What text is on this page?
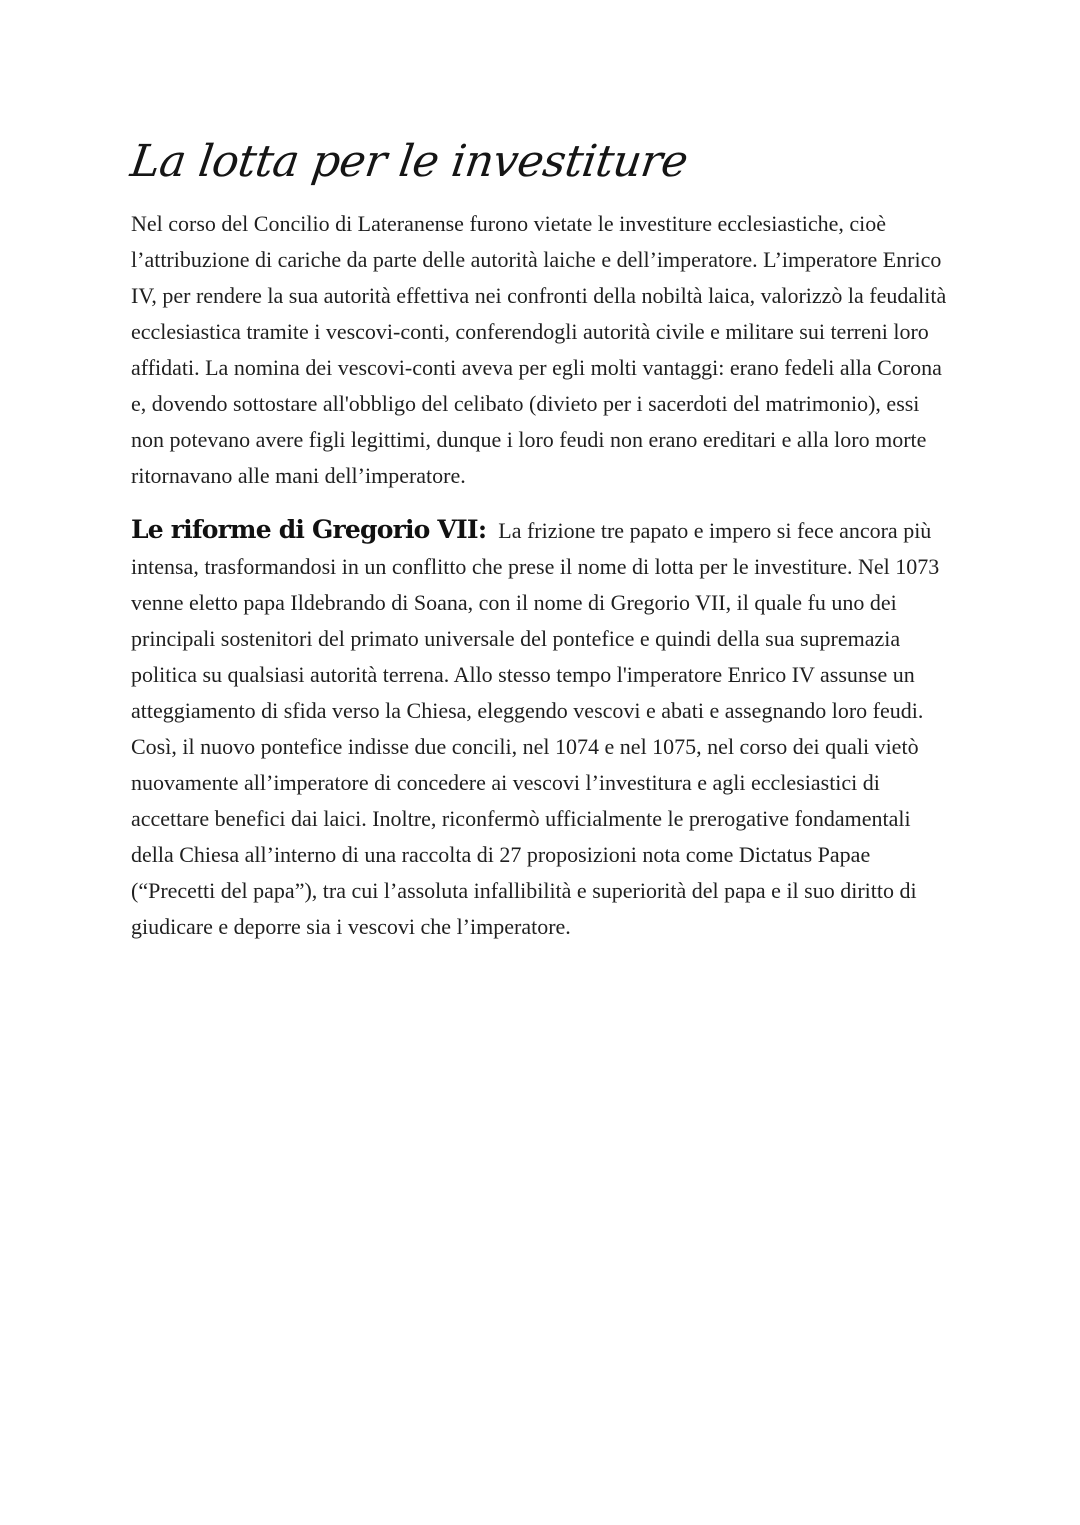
La lotta per le investiture

Nel corso del Concilio di Lateranense furono vietate le investiture ecclesiastiche, cioè l’attribuzione di cariche da parte delle autorità laiche e dell’imperatore. L’imperatore Enrico IV, per rendere la sua autorità effettiva nei confronti della nobiltà laica, valorizzò la feudalità ecclesiastica tramite i vescovi-conti, conferendogli autorità civile e militare sui terreni loro affidati. La nomina dei vescovi-conti aveva per egli molti vantaggi: erano fedeli alla Corona e, dovendo sottostare all'obbligo del celibato (divieto per i sacerdoti del matrimonio), essi non potevano avere figli legittimi, dunque i loro feudi non erano ereditari e alla loro morte ritornavano alle mani dell’imperatore.

Le riforme di Gregorio VII: La frizione tre papato e impero si fece ancora più intensa, trasformandosi in un conflitto che prese il nome di lotta per le investiture. Nel 1073 venne eletto papa Ildebrando di Soana, con il nome di Gregorio VII, il quale fu uno dei principali sostenitori del primato universale del pontefice e quindi della sua supremazia politica su qualsiasi autorità terrena. Allo stesso tempo l'imperatore Enrico IV assunse un atteggiamento di sfida verso la Chiesa, eleggendo vescovi e abati e assegnando loro feudi. Così, il nuovo pontefice indisse due concili, nel 1074 e nel 1075, nel corso dei quali vietò nuovamente all’imperatore di concedere ai vescovi l’investitura e agli ecclesiastici di accettare benefici dai laici. Inoltre, riconfermò ufficialmente le prerogative fondamentali della Chiesa all’interno di una raccolta di 27 proposizioni nota come Dictatus Papae (“Precetti del papa”), tra cui l’assoluta infallibilità e superiorità del papa e il suo diritto di giudicare e deporre sia i vescovi che l’imperatore.
